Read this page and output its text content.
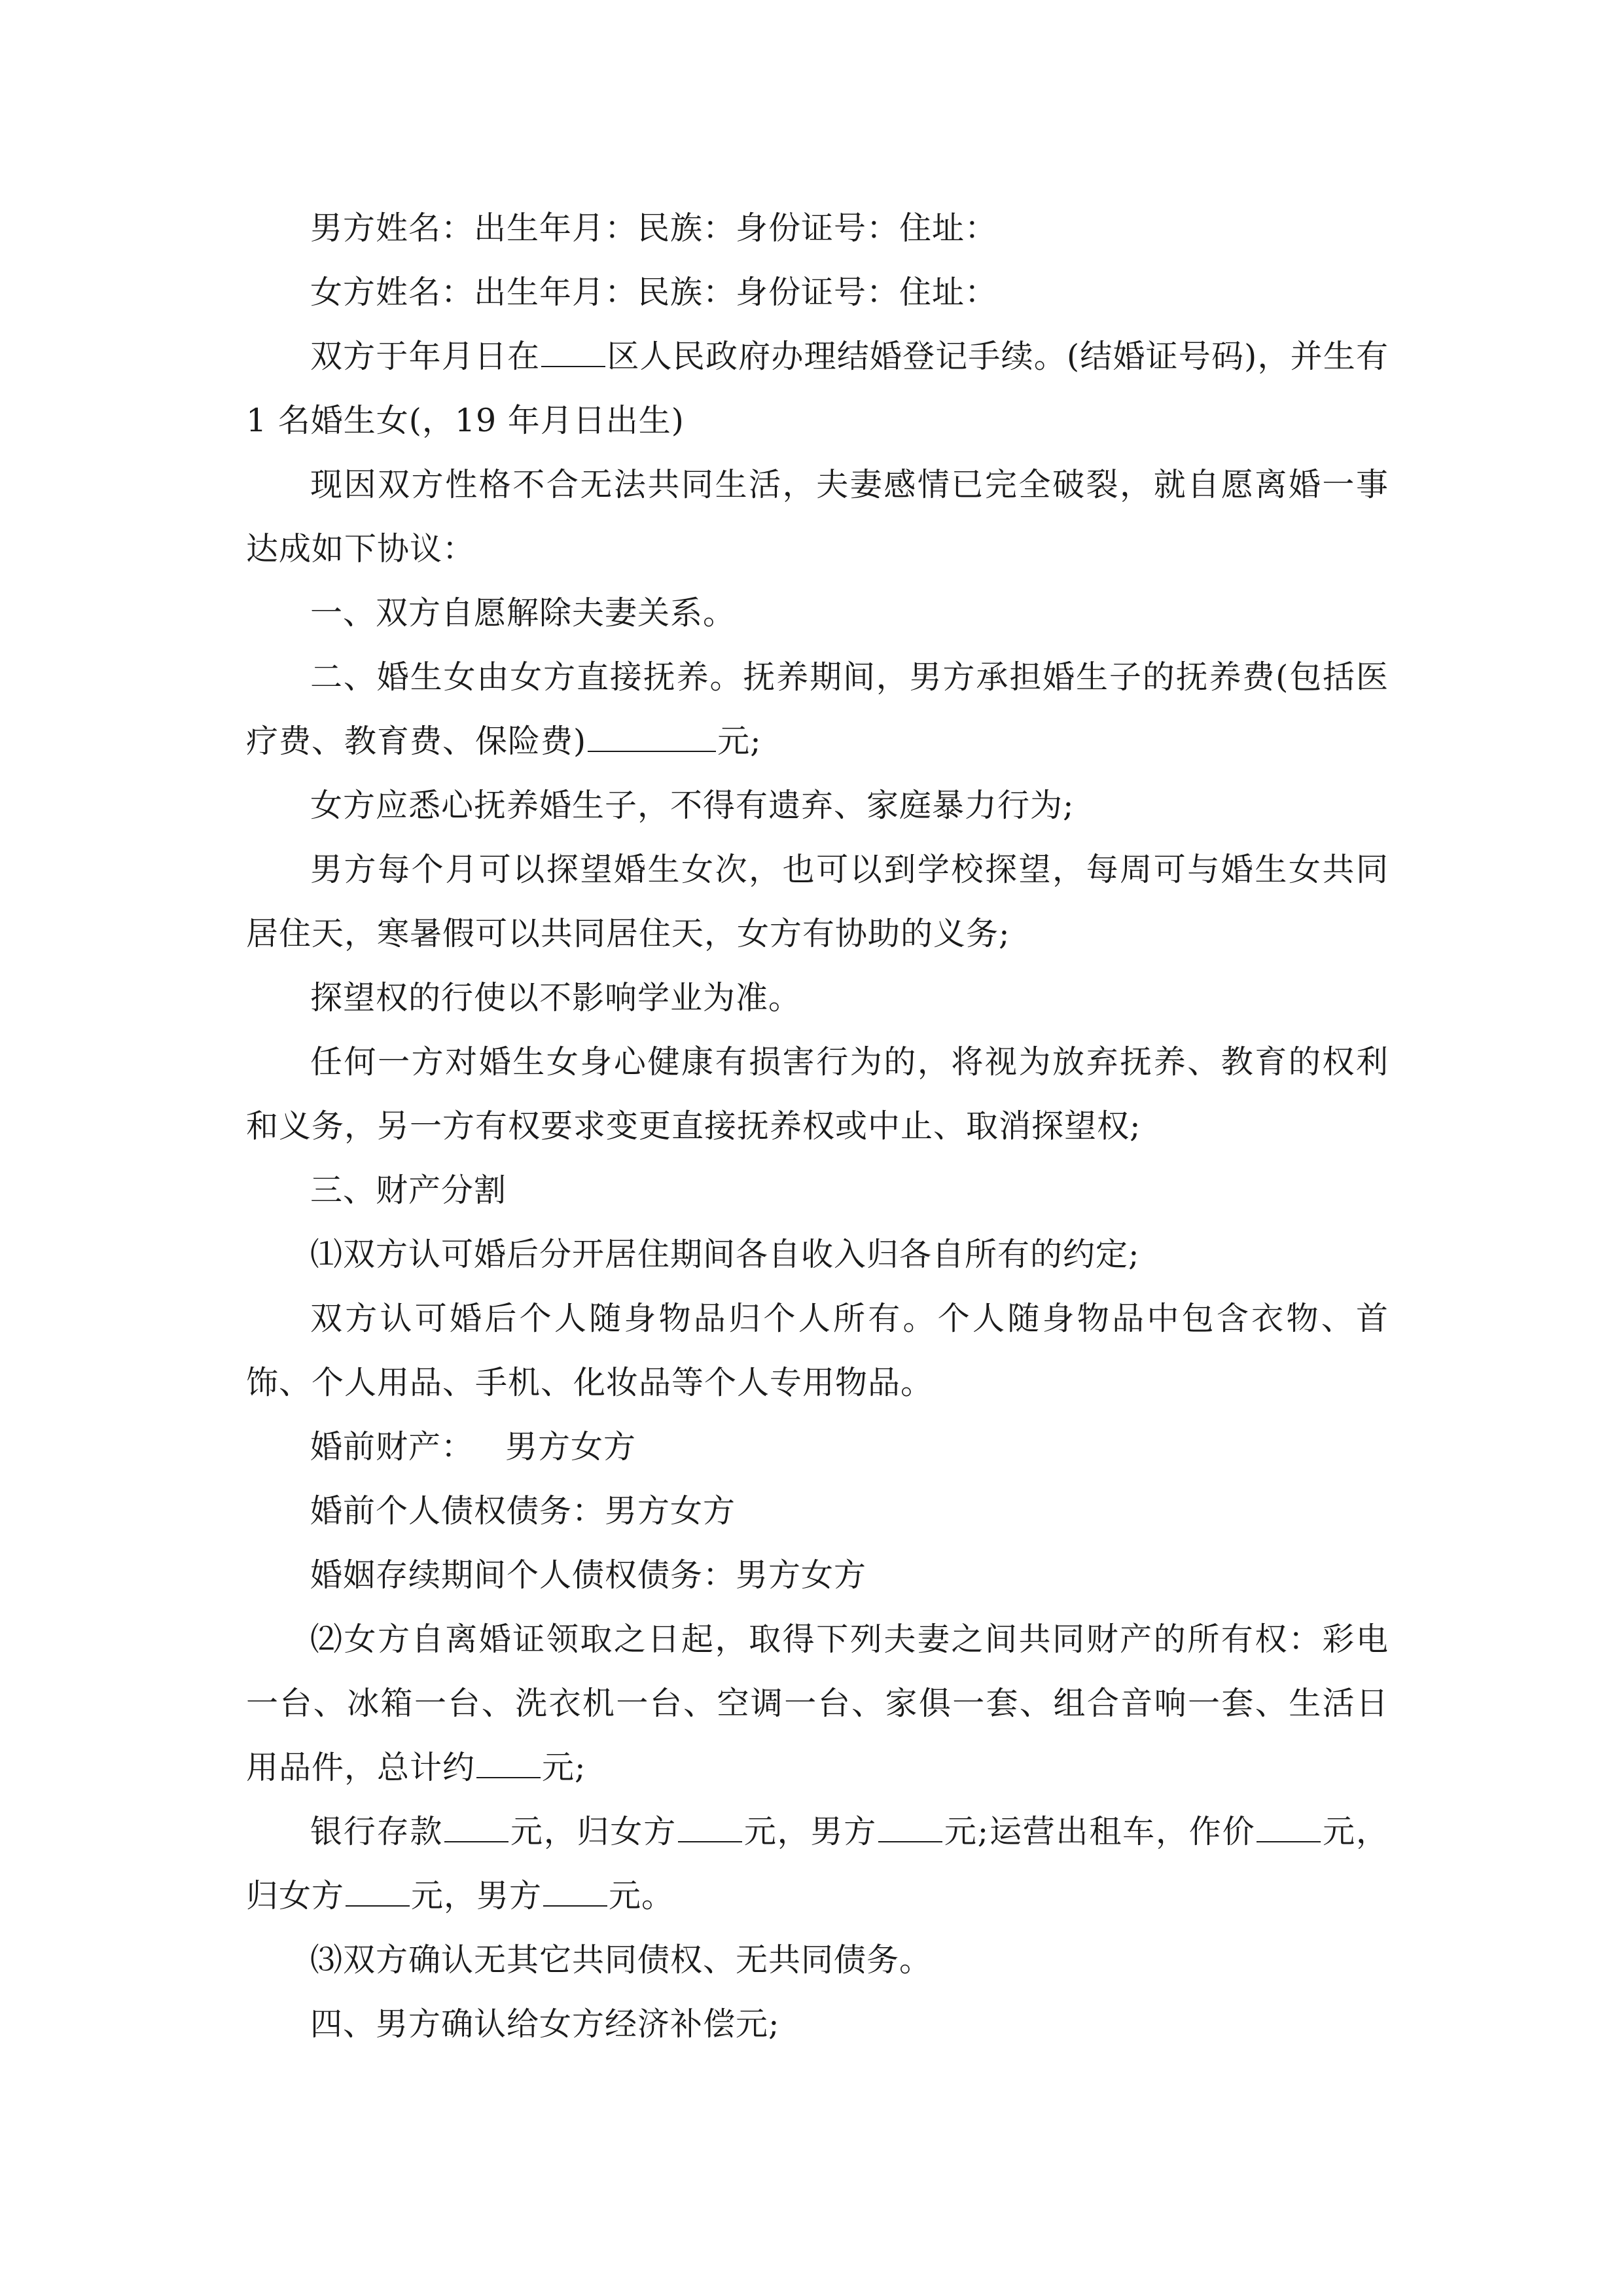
男方姓名：出生年月：民族：身份证号：住址：

女方姓名：出生年月：民族：身份证号：住址：

双方于年月日在 区人民政府办理结婚登记手续。(结婚证号码)，并生有 1 名婚生女(，19 年月日出生)

现因双方性格不合无法共同生活，夫妻感情已完全破裂，就自愿离婚一事达成如下协议：

一、双方自愿解除夫妻关系。

二、婚生女由女方直接抚养。抚养期间，男方承担婚生子的抚养费(包括医疗费、教育费、保险费)	元;

女方应悉心抚养婚生子，不得有遗弃、家庭暴力行为;

男方每个月可以探望婚生女次，也可以到学校探望，每周可与婚生女共同居住天，寒暑假可以共同居住天，女方有协助的义务;

探望权的行使以不影响学业为准。

任何一方对婚生女身心健康有损害行为的，将视为放弃抚养、教育的权利和义务，另一方有权要求变更直接抚养权或中止、取消探望权;

三、财产分割

⑴双方认可婚后分开居住期间各自收入归各自所有的约定;

双方认可婚后个人随身物品归个人所有。个人随身物品中包含衣物、首饰、个人用品、手机、化妆品等个人专用物品。

婚前财产： 男方女方

婚前个人债权债务：男方女方

婚姻存续期间个人债权债务：男方女方

⑵女方自离婚证领取之日起，取得下列夫妻之间共同财产的所有权：彩电一台、冰箱一台、洗衣机一台、空调一台、家俱一套、组合音响一套、生活日用品件，总计约 元;

银行存款 元，归女方 元，男方 元;运营出租车，作价 元，归女方 元，男方 元。

⑶双方确认无其它共同债权、无共同债务。

四、男方确认给女方经济补偿元;
